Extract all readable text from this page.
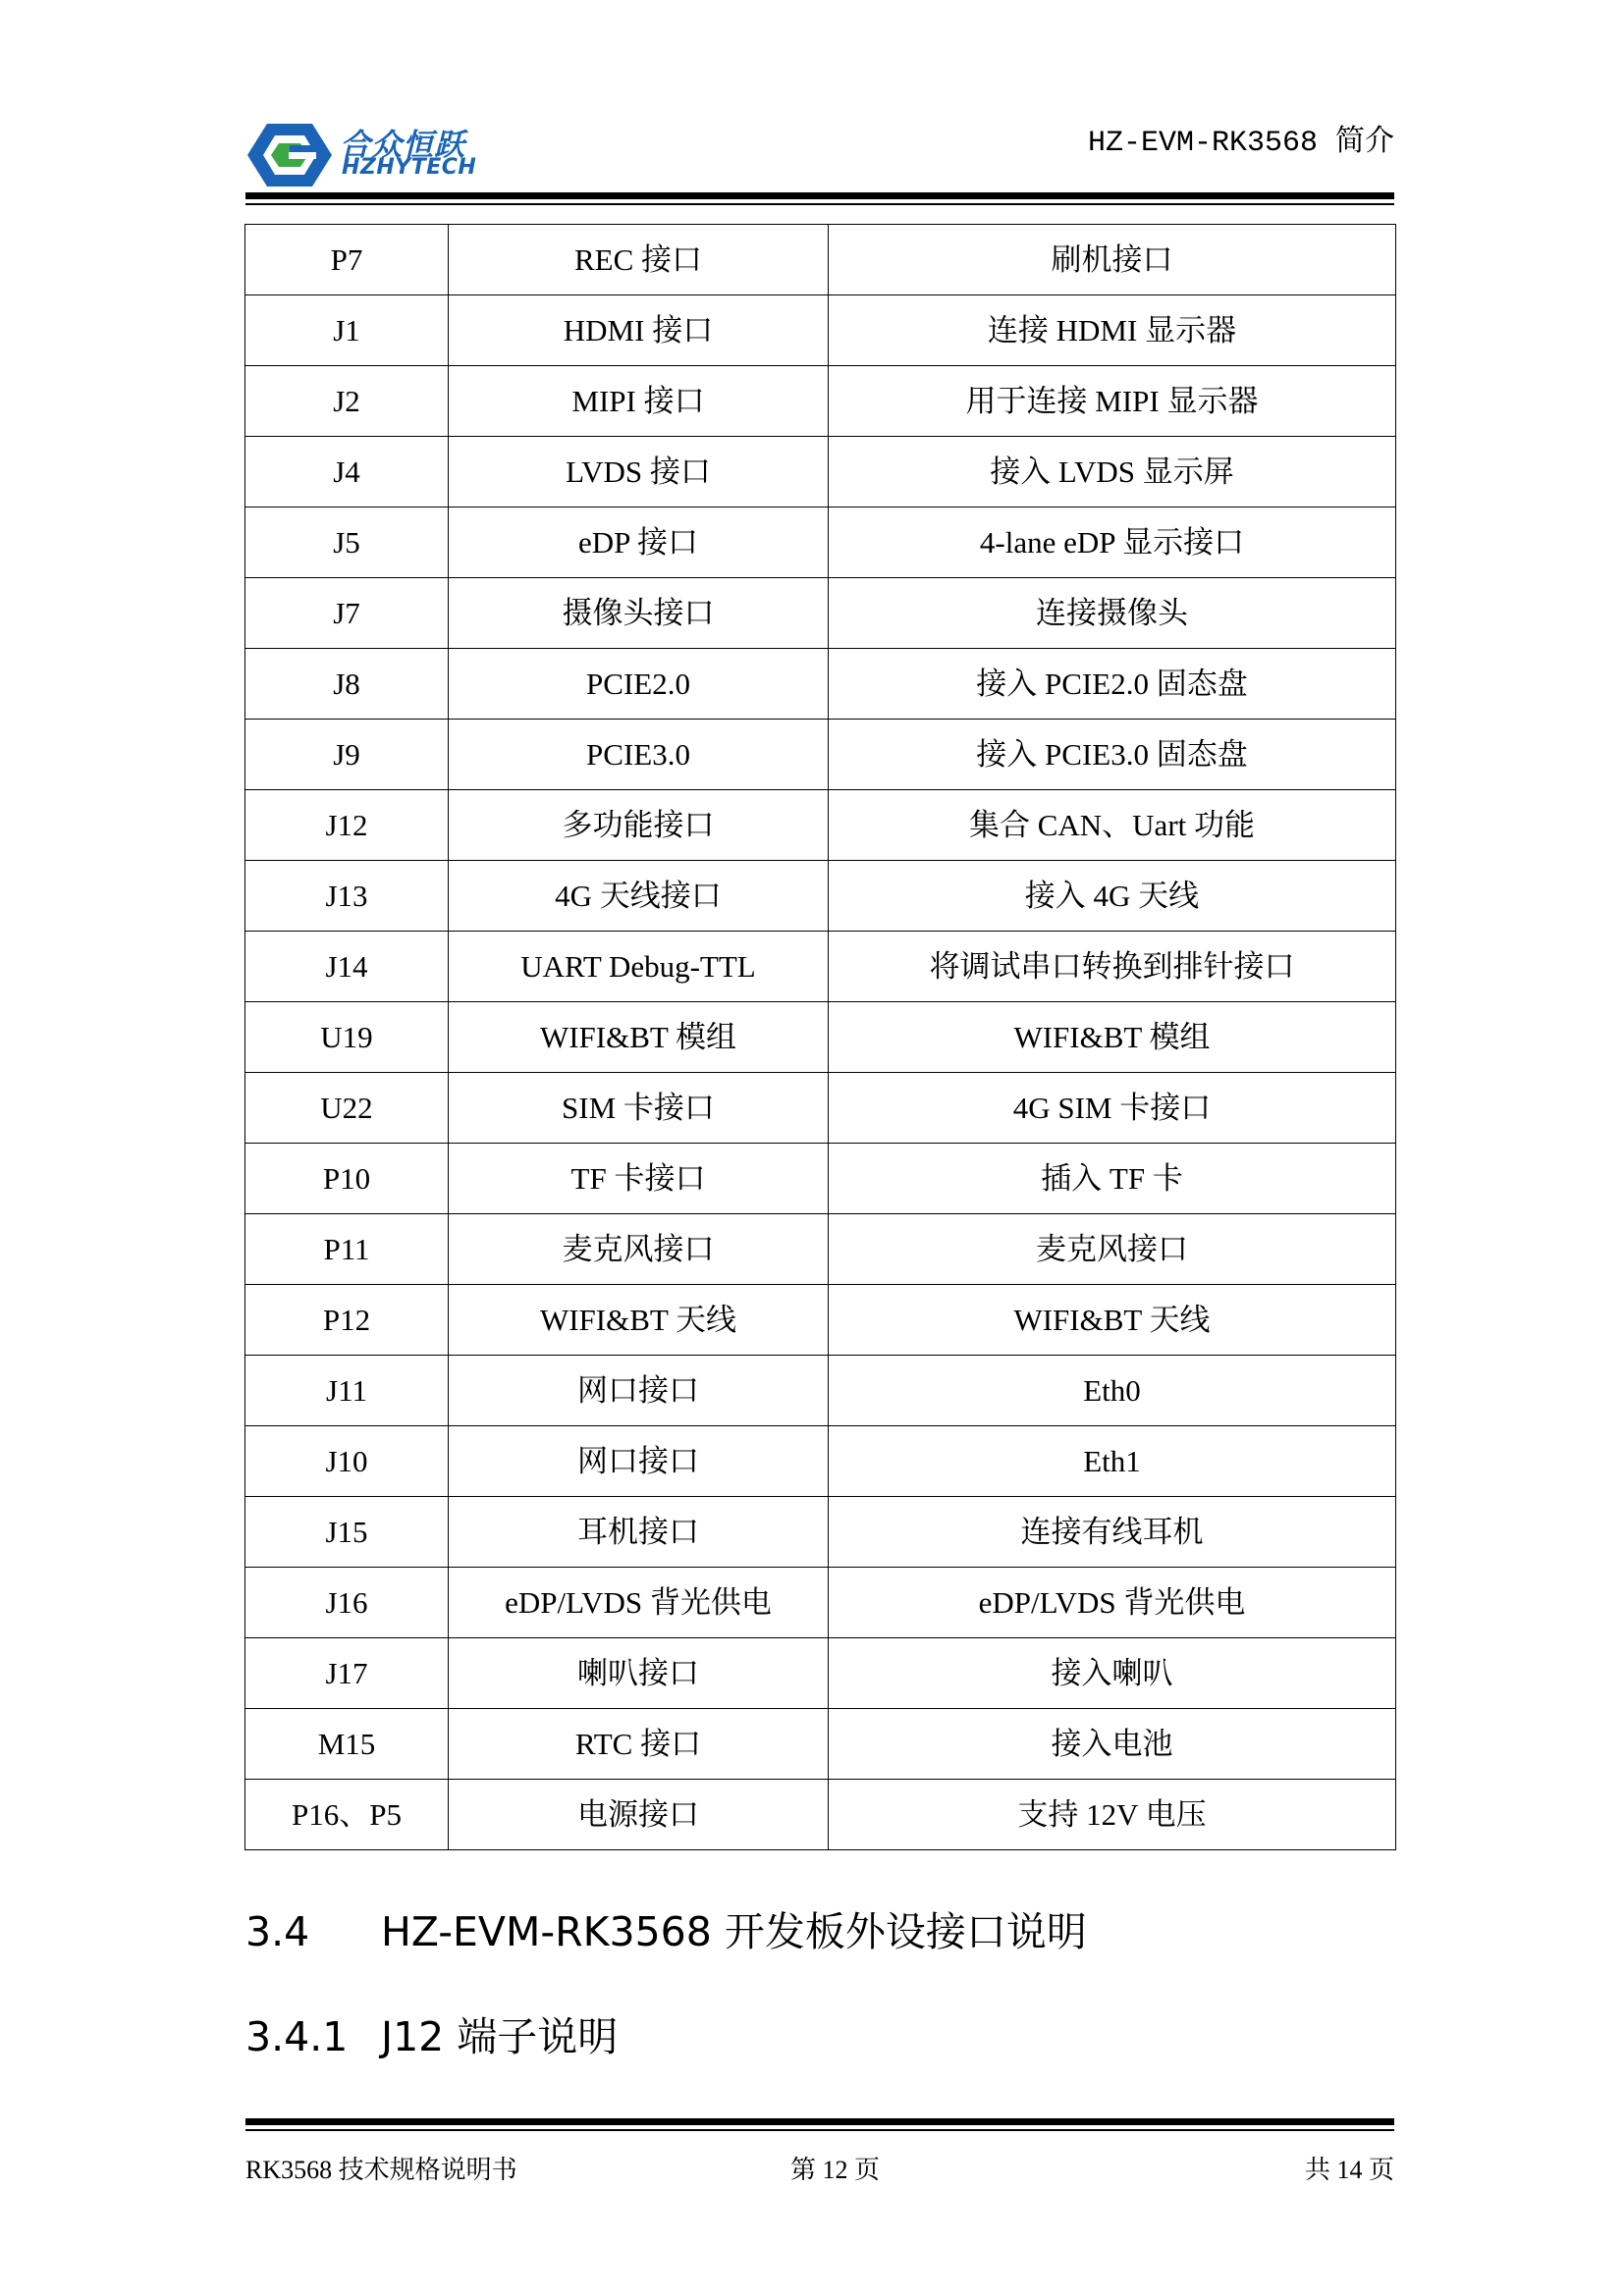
合众恒跃
HZHYTECH
HZ-EVM-RK3568 简介
P7	REC 接口	刷机接口
J1	HDMI 接口	连接 HDMI 显示器
J2	MIPI 接口	用于连接 MIPI 显示器
J4	LVDS 接口	接入 LVDS 显示屏
J5	eDP 接口	4-lane eDP 显示接口
J7	摄像头接口	连接摄像头
J8	PCIE2.0	接入 PCIE2.0 固态盘
J9	PCIE3.0	接入 PCIE3.0 固态盘
J12	多功能接口	集合 CAN、Uart 功能
J13	4G 天线接口	接入 4G 天线
J14	UART Debug-TTL	将调试串口转换到排针接口
U19	WIFI&BT 模组	WIFI&BT 模组
U22	SIM 卡接口	4G SIM 卡接口
P10	TF 卡接口	插入 TF 卡
P11	麦克风接口	麦克风接口
P12	WIFI&BT 天线	WIFI&BT 天线
J11	网口接口	Eth0
J10	网口接口	Eth1
J15	耳机接口	连接有线耳机
J16	eDP/LVDS 背光供电	eDP/LVDS 背光供电
J17	喇叭接口	接入喇叭
M15	RTC 接口	接入电池
P16、P5	电源接口	支持 12V 电压
3.4 HZ-EVM-RK3568 开发板外设接口说明
3.4.1 J12 端子说明
RK3568 技术规格说明书	第 12 页	共 14 页
